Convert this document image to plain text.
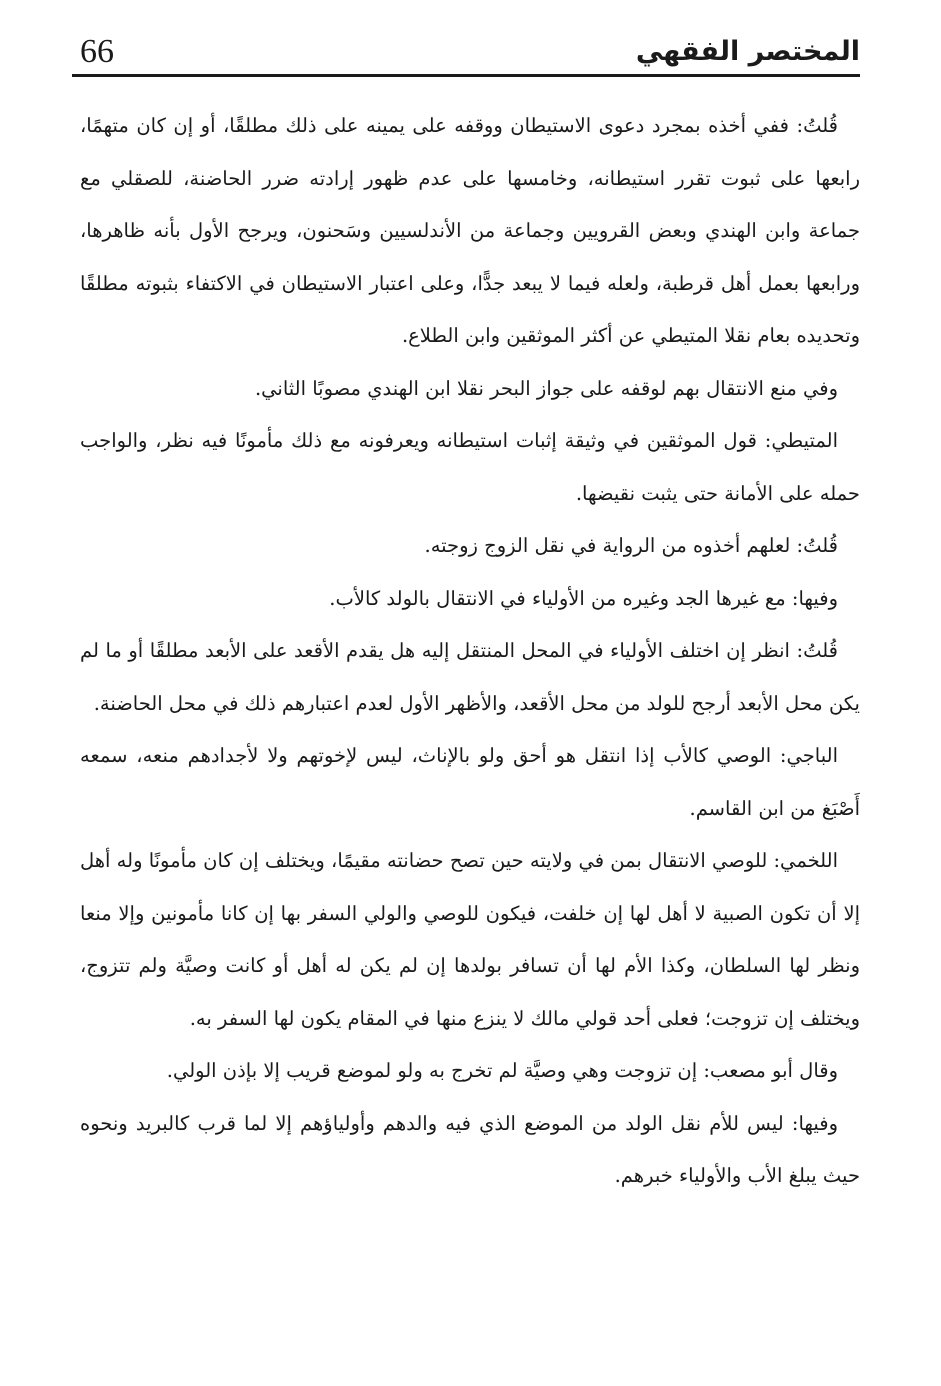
66	المختصر الفقهي

قُلتُ: ففي أخذه بمجرد دعوى الاستيطان ووقفه على يمينه على ذلك مطلقًا، أو إن كان متهمًا، رابعها على ثبوت تقرر استيطانه، وخامسها على عدم ظهور إرادته ضرر الحاضنة، للصقلي مع جماعة وابن الهندي وبعض القرويين وجماعة من الأندلسيين وسَحنون، ويرجح الأول بأنه ظاهرها، ورابعها بعمل أهل قرطبة، ولعله فيما لا يبعد جدًّا، وعلى اعتبار الاستيطان في الاكتفاء بثبوته مطلقًا وتحديده بعام نقلا المتيطي عن أكثر الموثقين وابن الطلاع.

وفي منع الانتقال بهم لوقفه على جواز البحر نقلا ابن الهندي مصوبًا الثاني.

المتيطي: قول الموثقين في وثيقة إثبات استيطانه ويعرفونه مع ذلك مأمونًا فيه نظر، والواجب حمله على الأمانة حتى يثبت نقيضها.

قُلتُ: لعلهم أخذوه من الرواية في نقل الزوج زوجته.

وفيها: مع غيرها الجد وغيره من الأولياء في الانتقال بالولد كالأب.

قُلتُ: انظر إن اختلف الأولياء في المحل المنتقل إليه هل يقدم الأقعد على الأبعد مطلقًا أو ما لم يكن محل الأبعد أرجح للولد من محل الأقعد، والأظهر الأول لعدم اعتبارهم ذلك في محل الحاضنة.

الباجي: الوصي كالأب إذا انتقل هو أحق ولو بالإناث، ليس لإخوتهم ولا لأجدادهم منعه، سمعه أَصْبَغ من ابن القاسم.

اللخمي: للوصي الانتقال بمن في ولايته حين تصح حضانته مقيمًا، ويختلف إن كان مأمونًا وله أهل إلا أن تكون الصبية لا أهل لها إن خلفت، فيكون للوصي والولي السفر بها إن كانا مأمونين وإلا منعا ونظر لها السلطان، وكذا الأم لها أن تسافر بولدها إن لم يكن له أهل أو كانت وصيَّة ولم تتزوج، ويختلف إن تزوجت؛ فعلى أحد قولي مالك لا ينزع منها في المقام يكون لها السفر به.

وقال أبو مصعب: إن تزوجت وهي وصيَّة لم تخرج به ولو لموضع قريب إلا بإذن الولي.

وفيها: ليس للأم نقل الولد من الموضع الذي فيه والدهم وأولياؤهم إلا لما قرب كالبريد ونحوه حيث يبلغ الأب والأولياء خبرهم.
